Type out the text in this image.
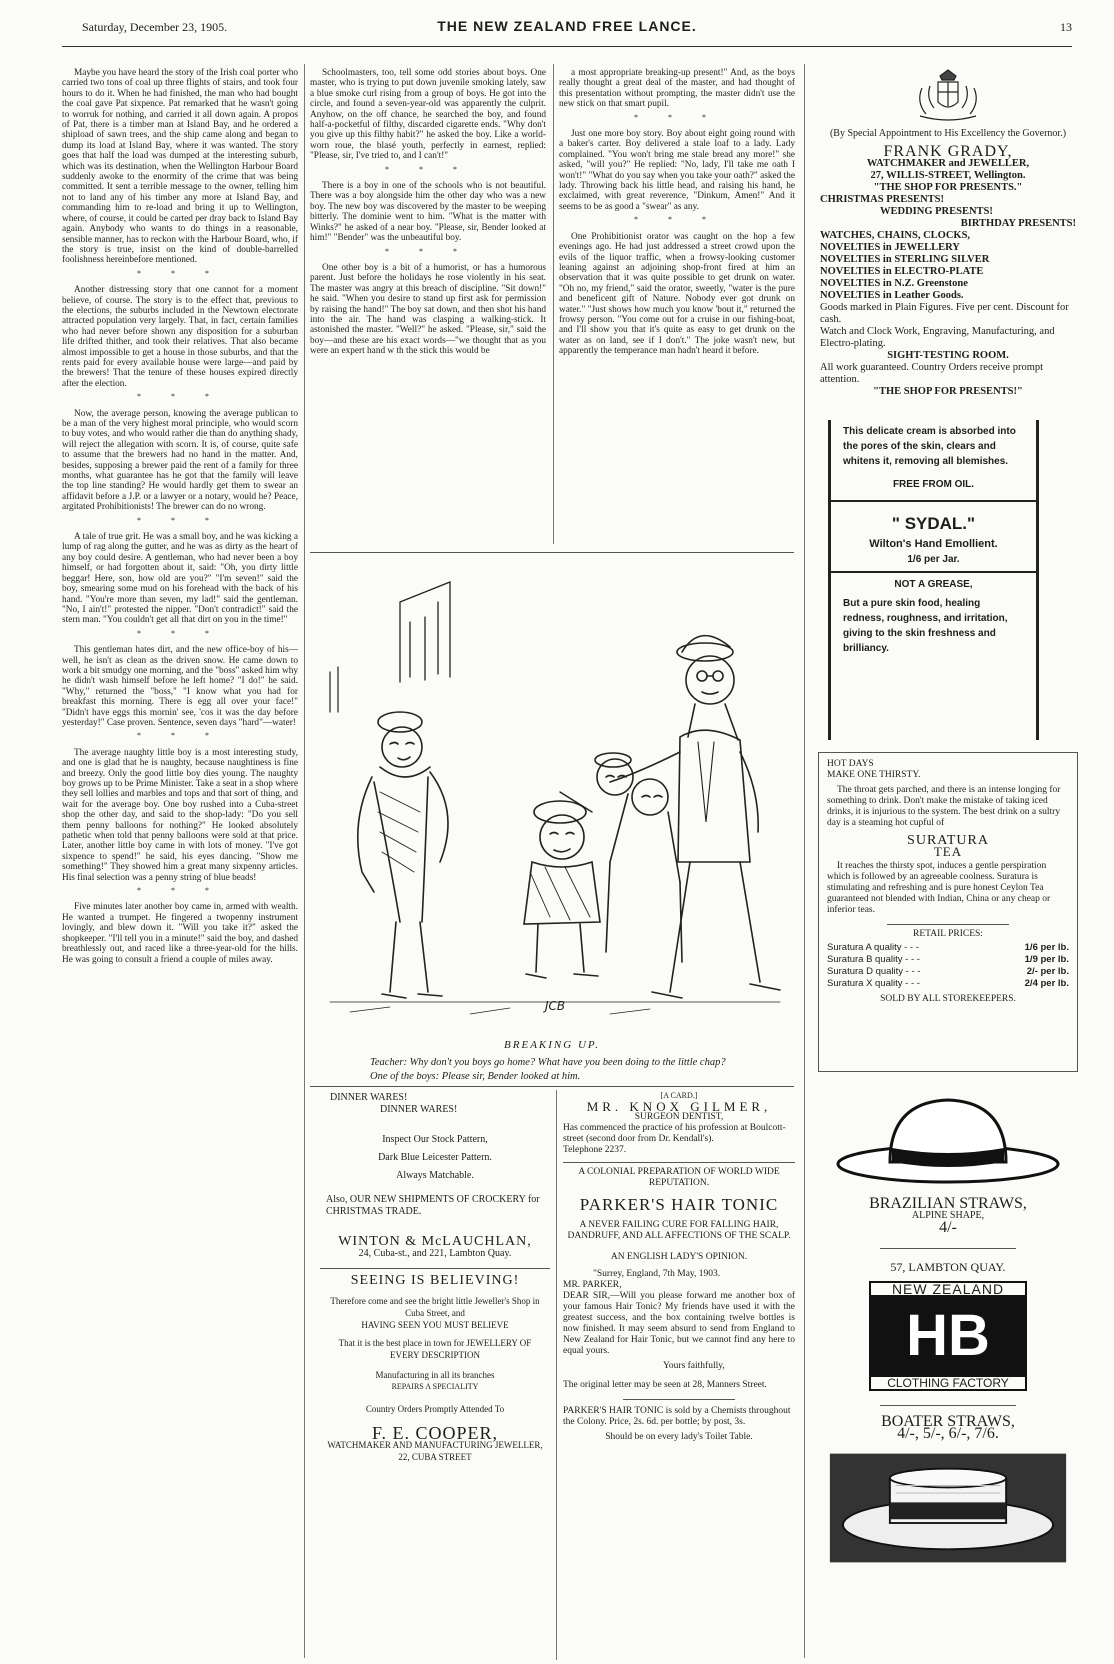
Saturday, December 23, 1905.	THE NEW ZEALAND FREE LANCE.	13

Maybe you have heard the story of the Irish coal porter who carried two tons of coal up three flights of stairs, and took four hours to do it. When he had finished, the man who had bought the coal gave Pat sixpence. Pat remarked that he wasn't going to worruk for nothing, and carried it all down again. A propos of Pat, there is a timber man at Island Bay, and he ordered a shipload of sawn trees, and the ship came along and began to dump its load at Island Bay, where it was wanted. The story goes that half the load was dumped at the interesting suburb, which was its destination, when the Wellington Harbour Board suddenly awoke to the enormity of the crime that was being committed. It sent a terrible message to the owner, telling him not to land any of his timber any more at Island Bay, and commanding him to re-load and bring it up to Wellington, where, of course, it could be carted per dray back to Island Bay again. Anybody who wants to do things in a reasonable, sensible manner, has to reckon with the Harbour Board, who, if the story is true, insist on the kind of double-barrelled foolishness hereinbefore mentioned.

* * *

Another distressing story that one cannot for a moment believe, of course. The story is to the effect that, previous to the elections, the suburbs included in the Newtown electorate attracted population very largely. That, in fact, certain families who had never before shown any disposition for a suburban life drifted thither, and took their relatives. That also became almost impossible to get a house in those suburbs, and that the rents paid for every available house were large—and paid by the brewers! That the tenure of these houses expired directly after the election.

* * *

Now, the average person, knowing the average publican to be a man of the very highest moral principle, who would scorn to buy votes, and who would rather die than do anything shady, will reject the allegation with scorn. It is, of course, quite safe to assume that the brewers had no hand in the matter. And, besides, supposing a brewer paid the rent of a family for three months, what guarantee has he got that the family will leave the top line standing? He would hardly get them to swear an affidavit before a J.P. or a lawyer or a notary, would he? Peace, argitated Prohibitionists! The brewer can do no wrong.

* * *

A tale of true grit. He was a small boy, and he was kicking a lump of rag along the gutter, and he was as dirty as the heart of any boy could desire. A gentleman, who had never been a boy himself, or had forgotten about it, said: "Oh, you dirty little beggar! Here, son, how old are you?" "I'm seven!" said the boy, smearing some mud on his forehead with the back of his hand. "You're more than seven, my lad!" said the gentleman. "No, I ain't!" protested the nipper. "Don't contradict!" said the stern man. "You couldn't get all that dirt on you in the time!"

* * *

This gentleman hates dirt, and the new office-boy of his—well, he isn't as clean as the driven snow. He came down to work a bit smudgy one morning, and the "boss" asked him why he didn't wash himself before he left home? "I do!" he said. "Why," returned the "boss," "I know what you had for breakfast this morning. There is egg all over your face!" "Didn't have eggs this mornin' see, 'cos it was the day before yesterday!" Case proven. Sentence, seven days "hard"—water!

* * *

The average naughty little boy is a most interesting study, and one is glad that he is naughty, because naughtiness is fine and breezy. Only the good little boy dies young. The naughty boy grows up to be Prime Minister. Take a seat in a shop where they sell lollies and marbles and tops and that sort of thing, and wait for the average boy. One boy rushed into a Cuba-street shop the other day, and said to the shop-lady: "Do you sell them penny balloons for nothing?" He looked absolutely pathetic when told that penny balloons were sold at that price. Later, another little boy came in with lots of money. "I've got sixpence to spend!" he said, his eyes dancing. "Show me something!" They showed him a great many sixpenny articles. His final selection was a penny string of blue beads!

* * *

Five minutes later another boy came in, armed with wealth. He wanted a trumpet. He fingered a twopenny instrument lovingly, and blew down it. "Will you take it?" asked the shopkeeper. "I'll tell you in a minute!" said the boy, and dashed breathlessly out, and raced like a three-year-old for the hills. He was going to consult a friend a couple of miles away.

Schoolmasters, too, tell some odd stories about boys. One master, who is trying to put down juvenile smoking lately, saw a blue smoke curl rising from a group of boys. He got into the circle, and found a seven-year-old was apparently the culprit. Anyhow, on the off chance, he searched the boy, and found half-a-pocketful of filthy, discarded cigarette ends. "Why don't you give up this filthy habit?" he asked the boy. Like a world-worn roue, the blasé youth, perfectly in earnest, replied: "Please, sir, I've tried to, and I can't!"

* * *

There is a boy in one of the schools who is not beautiful. There was a boy alongside him the other day who was a new boy. The new boy was discovered by the master to be weeping bitterly. The dominie went to him. "What is the matter with Winks?" he asked of a near boy. "Please, sir, Bender looked at him!" "Bender" was the unbeautiful boy.

* * *

One other boy is a bit of a humorist, or has a humorous parent. Just before the holidays he rose violently in his seat. The master was angry at this breach of discipline. "Sit down!" he said. "When you desire to stand up first ask for permission by raising the hand!" The boy sat down, and then shot his hand into the air. The hand was clasping a walking-stick. It astonished the master. "Well?" he asked. "Please, sir," said the boy—and these are his exact words—"we thought that as you were an expert hand w th the stick this would be

a most appropriate breaking-up present!" And, as the boys really thought a great deal of the master, and had thought of this presentation without prompting, the master didn't use the new stick on that smart pupil.

* * *

Just one more boy story. Boy about eight going round with a baker's carter. Boy delivered a stale loaf to a lady. Lady complained. "You won't bring me stale bread any more!" she asked, "will you?" He replied: "No, lady, I'll take me oath I won't!" "What do you say when you take your oath?" asked the lady. Throwing back his little head, and raising his hand, he exclaimed, with great reverence, "Dinkum, Amen!" And it seems to be as good a "swear" as any.

* * *

One Prohibitionist orator was caught on the hop a few evenings ago. He had just addressed a street crowd upon the evils of the liquor traffic, when a frowsy-looking customer leaning against an adjoining shop-front fired at him an observation that it was quite possible to get drunk on water. "Oh no, my friend," said the orator, sweetly, "water is the pure and beneficent gift of Nature. Nobody ever got drunk on water." "Just shows how much you know 'bout it," returned the frowsy person. "You come out for a cruise in our fishing-boat, and I'll show you that it's quite as easy to get drunk on the water as on land, see if I don't." The joke wasn't new, but apparently the temperance man hadn't heard it before.

JCB
BREAKING UP.
Teacher: Why don't you boys go home? What have you been doing to the little chap?
One of the boys: Please sir, Bender looked at him.
DINNER WARES!
DINNER WARES!
Inspect Our Stock Pattern,
Dark Blue Leicester Pattern.
Always Matchable.
Also, OUR NEW SHIPMENTS OF CROCKERY for CHRISTMAS TRADE.
WINTON & McLAUCHLAN,
24, Cuba-st., and 221, Lambton Quay.
SEEING IS BELIEVING!
Therefore come and see the bright little Jeweller's Shop in Cuba Street, and
HAVING SEEN YOU MUST BELIEVE
That it is the best place in town for JEWELLERY OF EVERY DESCRIPTION
Manufacturing in all its branches
REPAIRS A SPECIALITY
Country Orders Promptly Attended To
F. E. COOPER,
WATCHMAKER AND MANUFACTURING JEWELLER,
22, CUBA STREET
[A CARD.]
MR. KNOX GILMER,
SURGEON DENTIST,
Has commenced the practice of his profession at Boulcott-street (second door from Dr. Kendall's).
Telephone 2237.
A COLONIAL PREPARATION OF WORLD WIDE REPUTATION.
PARKER'S HAIR TONIC
A NEVER FAILING CURE FOR FALLING HAIR, DANDRUFF, AND ALL AFFECTIONS OF THE SCALP.
AN ENGLISH LADY'S OPINION.
"Surrey, England, 7th May, 1903.
MR. PARKER,
DEAR SIR,—Will you please forward me another box of your famous Hair Tonic? My friends have used it with the greatest success, and the box containing twelve bottles is now finished. It may seem absurd to send from England to New Zealand for Hair Tonic, but we cannot find any here to equal yours.
Yours faithfully,
The original letter may be seen at 28, Manners Street.
PARKER'S HAIR TONIC is sold by a Chemists throughout the Colony. Price, 2s. 6d. per bottle; by post, 3s.
Should be on every lady's Toilet Table.
(By Special Appointment to His Excellency the Governor.)
FRANK GRADY,
WATCHMAKER and JEWELLER,
27, WILLIS-STREET, Wellington.
"THE SHOP FOR PRESENTS."
CHRISTMAS PRESENTS!
WEDDING PRESENTS!
BIRTHDAY PRESENTS!
WATCHES, CHAINS, CLOCKS,
NOVELTIES in JEWELLERY
NOVELTIES in STERLING SILVER
NOVELTIES in ELECTRO-PLATE
NOVELTIES in N.Z. Greenstone
NOVELTIES in Leather Goods.
Goods marked in Plain Figures. Five per cent. Discount for cash.
Watch and Clock Work, Engraving, Manufacturing, and Electro-plating.
SIGHT-TESTING ROOM.
All work guaranteed. Country Orders receive prompt attention.
"THE SHOP FOR PRESENTS!"
This delicate cream is absorbed into the pores of the skin, clears and whitens it, removing all blemishes.
FREE FROM OIL.
" SYDAL."
Wilton's Hand Emollient.
1/6 per Jar.
NOT A GREASE,
But a pure skin food, healing redness, roughness, and irritation, giving to the skin freshness and brilliancy.
HOT DAYS
MAKE ONE THIRSTY.
The throat gets parched, and there is an intense longing for something to drink. Don't make the mistake of taking iced drinks, it is injurious to the system. The best drink on a sultry day is a steaming hot cupful of
SURATURA
TEA
It reaches the thirsty spot, induces a gentle perspiration which is followed by an agreeable coolness. Suratura is stimulating and refreshing and is pure honest Ceylon Tea guaranteed not blended with Indian, China or any cheap or inferior teas.
RETAIL PRICES:
Suratura A quality - - -	1/6 per lb.
Suratura B quality - - -	1/9 per lb.
Suratura D quality - - -	2/- per lb.
Suratura X quality - - -	2/4 per lb.
SOLD BY ALL STOREKEEPERS.
BRAZILIAN STRAWS,
ALPINE SHAPE,
4/-
57, LAMBTON QUAY.
NEW ZEALAND
HB
CLOTHING FACTORY
BOATER STRAWS,
4/-, 5/-, 6/-, 7/6.
